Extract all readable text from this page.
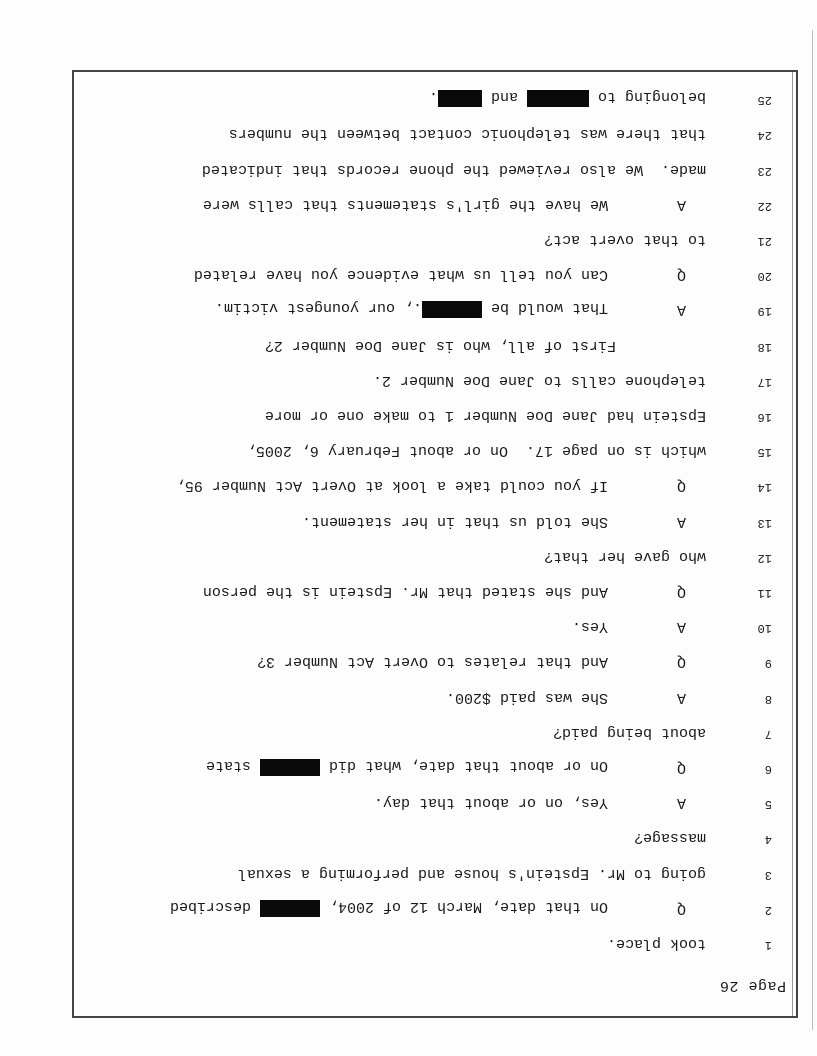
Page 26
1
took place.
2
Q
On that date, March 12 of 2004,  described
3
going to Mr. Epstein's house and performing a sexual
4
massage?
5
A
Yes, on or about that day.
6
Q
On or about that date, what did  state
7
about being paid?
8
A
She was paid $200.
9
Q
And that relates to Overt Act Number 3?
10
A
Yes.
11
Q
And she stated that Mr. Epstein is the person
12
who gave her that?
13
A
She told us that in her statement.
14
Q
If you could take a look at Overt Act Number 95,
15
which is on page 17.  On or about February 6, 2005,
16
Epstein had Jane Doe Number 1 to make one or more
17
telephone calls to Jane Doe Number 2.
18
First of all, who is Jane Doe Number 2?
19
A
That would be ., our youngest victim.
20
Q
Can you tell us what evidence you have related
21
to that overt act?
22
A
We have the girl's statements that calls were
23
made.  We also reviewed the phone records that indicated
24
that there was telephonic contact between the numbers
25
belonging to  and .
